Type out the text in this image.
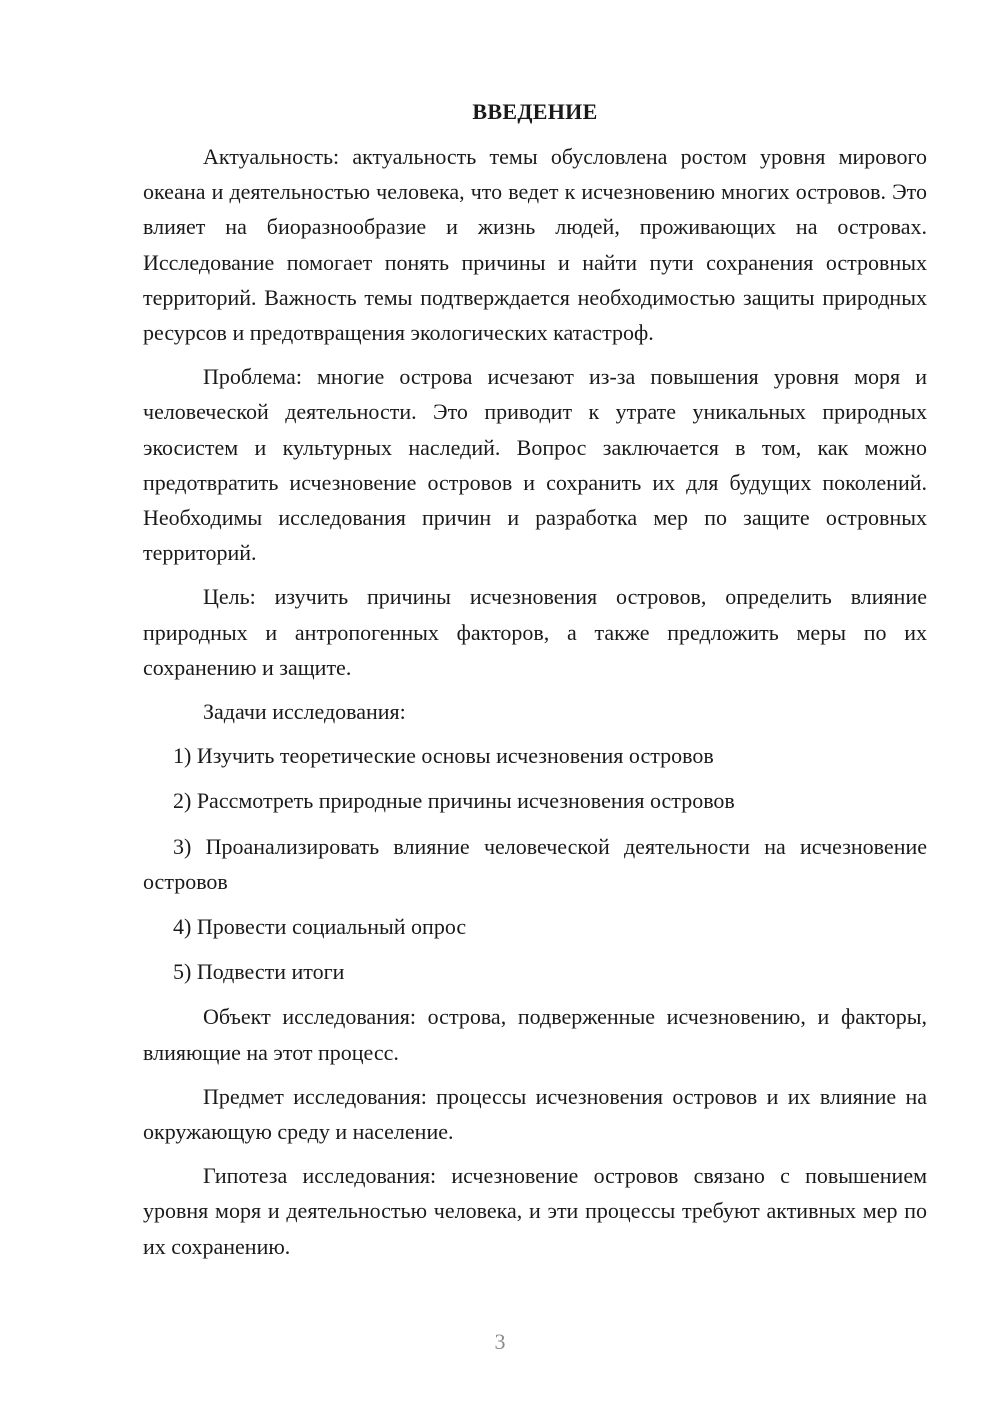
ВВЕДЕНИЕ

Актуальность: актуальность темы обусловлена ростом уровня мирового океана и деятельностью человека, что ведет к исчезновению многих островов. Это влияет на биоразнообразие и жизнь людей, проживающих на островах. Исследование помогает понять причины и найти пути сохранения островных территорий. Важность темы подтверждается необходимостью защиты природных ресурсов и предотвращения экологических катастроф.

Проблема: многие острова исчезают из-за повышения уровня моря и человеческой деятельности. Это приводит к утрате уникальных природных экосистем и культурных наследий. Вопрос заключается в том, как можно предотвратить исчезновение островов и сохранить их для будущих поколений. Необходимы исследования причин и разработка мер по защите островных территорий.

Цель: изучить причины исчезновения островов, определить влияние природных и антропогенных факторов, а также предложить меры по их сохранению и защите.

Задачи исследования:

1) Изучить теоретические основы исчезновения островов

2) Рассмотреть природные причины исчезновения островов

3) Проанализировать влияние человеческой деятельности на исчезновение островов

4) Провести социальный опрос

5) Подвести итоги

Объект исследования: острова, подверженные исчезновению, и факторы, влияющие на этот процесс.

Предмет исследования: процессы исчезновения островов и их влияние на окружающую среду и население.

Гипотеза исследования: исчезновение островов связано с повышением уровня моря и деятельностью человека, и эти процессы требуют активных мер по их сохранению.

3
